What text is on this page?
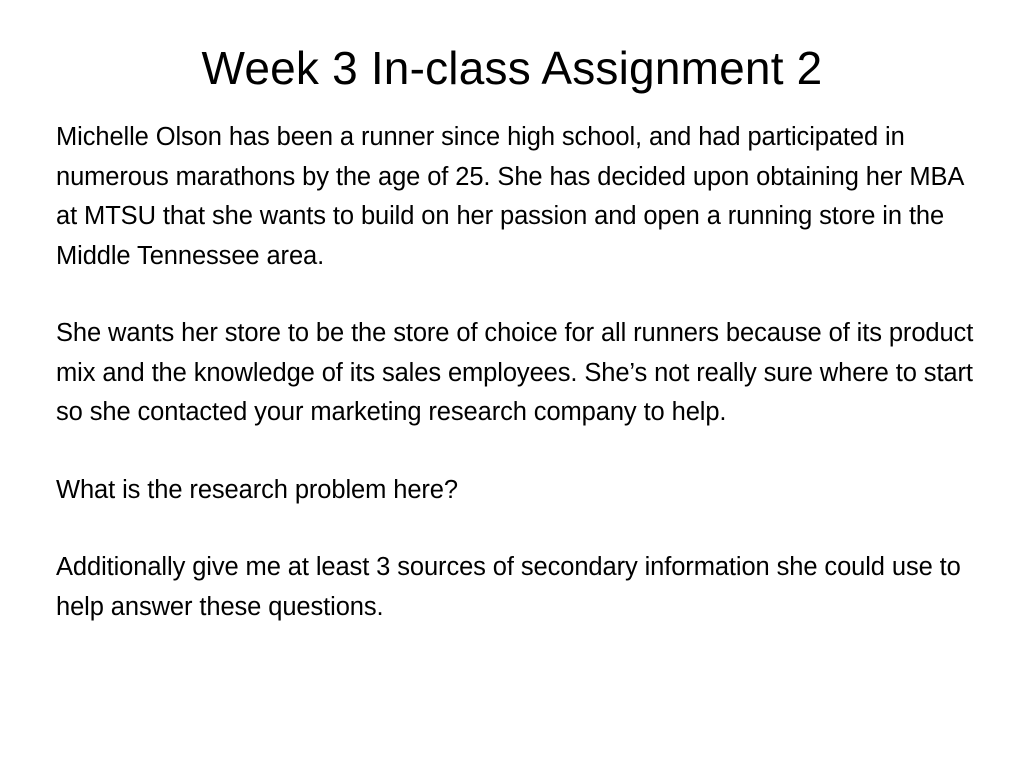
Week 3 In-class Assignment 2

Michelle Olson has been a runner since high school, and had participated in numerous marathons by the age of 25. She has decided upon obtaining her MBA at MTSU that she wants to build on her passion and open a running store in the Middle Tennessee area.

She wants her store to be the store of choice for all runners because of its product mix and the knowledge of its sales employees. She’s not really sure where to start so she contacted your marketing research company to help.

What is the research problem here?

Additionally give me at least 3 sources of secondary information she could use to help answer these questions.
